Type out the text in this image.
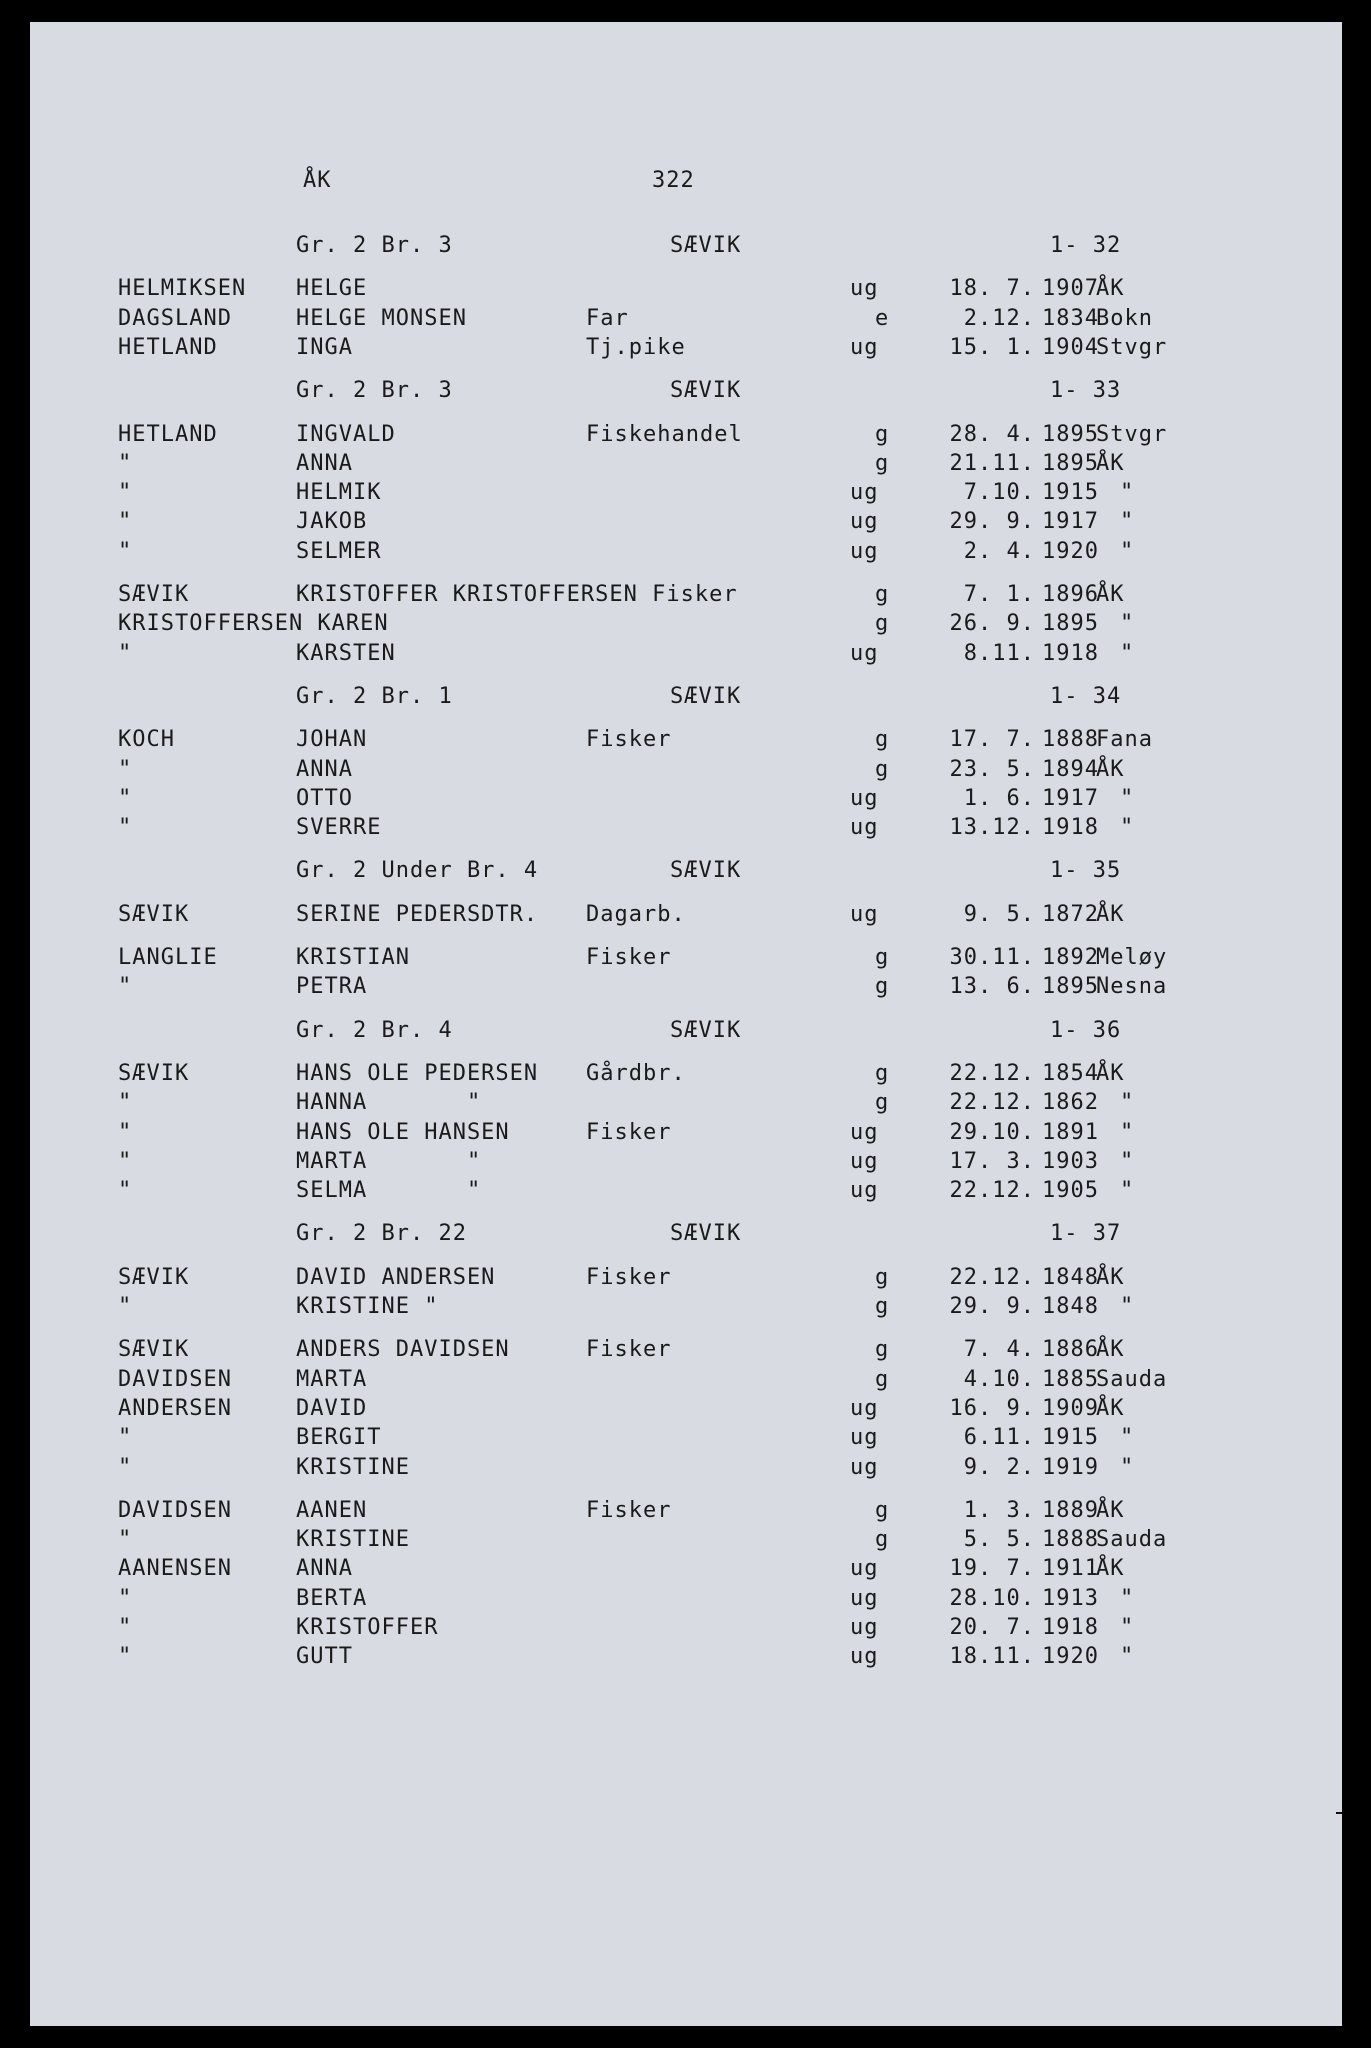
ÅK

	322

Gr. 2 Br. 3	SÆVIK	1- 32
HELMIKSEN HELGE	ug	18. 7. 1907
ÅK
DAGSLAND	HELGE MONSEN	Far	e	2.12. 1834
Bokn
HETLAND	INGA	Tj.pike	ug	15. 1. 1904
Stvgr
Gr. 2 Br. 3	SÆVIK	1- 33
HETLAND	INGVALD	Fiskehandel	g	28. 4. 1895
Stvgr
"	ANNA	g	21.11. 1895
ÅK
"	HELMIK	ug	7.10. 1915 "
"	JAKOB	ug	29. 9. 1917 "
"	SELMER	ug	2. 4. 1920 "
SÆVIK	KRISTOFFER KRISTOFFERSEN Fisker	g	7. 1. 1896
ÅK
KRISTOFFERSEN KAREN	g	26. 9. 1895 "
"	KARSTEN	ug	8.11. 1918 "
Gr. 2 Br. 1	SÆVIK	1- 34
KOCH	JOHAN	Fisker	g	17. 7. 1888
Fana
"	ANNA	g	23. 5. 1894
ÅK
"	OTTO	ug	1. 6. 1917 "
"	SVERRE	ug	13.12. 1918 "
Gr. 2 Under Br. 4	SÆVIK	1- 35
SÆVIK	SERINE PEDERSDTR. Dagarb.	ug	9. 5. 1872
ÅK
LANGLIE	KRISTIAN	Fisker	g	30.11. 1892
Meløy
"	PETRA	g	13. 6. 1895
Nesna
Gr. 2 Br. 4	SÆVIK	1- 36
SÆVIK	HANS OLE PEDERSEN Gårdbr.	g	22.12. 1854
ÅK
"	HANNA       "	g	22.12. 1862 "
"	HANS OLE HANSEN	Fisker	ug	29.10. 1891 "
"	MARTA       "	ug	17. 3. 1903 "
"	SELMA       "	ug	22.12. 1905 "
Gr. 2 Br. 22	SÆVIK	1- 37
SÆVIK	DAVID ANDERSEN	Fisker	g	22.12. 1848
ÅK
"	KRISTINE "	g	29. 9. 1848 "
SÆVIK	ANDERS DAVIDSEN	Fisker	g	7. 4. 1886
ÅK
DAVIDSEN	MARTA	g	4.10. 1885
Sauda
ANDERSEN	DAVID	ug	16. 9. 1909
ÅK
"	BERGIT	ug	6.11. 1915 "
"	KRISTINE	ug	9. 2. 1919 "
DAVIDSEN	AANEN	Fisker	g	1. 3. 1889
ÅK
"	KRISTINE	g	5. 5. 1888
Sauda
AANENSEN	ANNA	ug	19. 7. 1911
ÅK
"	BERTA	ug	28.10. 1913 "
"	KRISTOFFER	ug	20. 7. 1918 "
"	GUTT	ug	18.11. 1920 "
